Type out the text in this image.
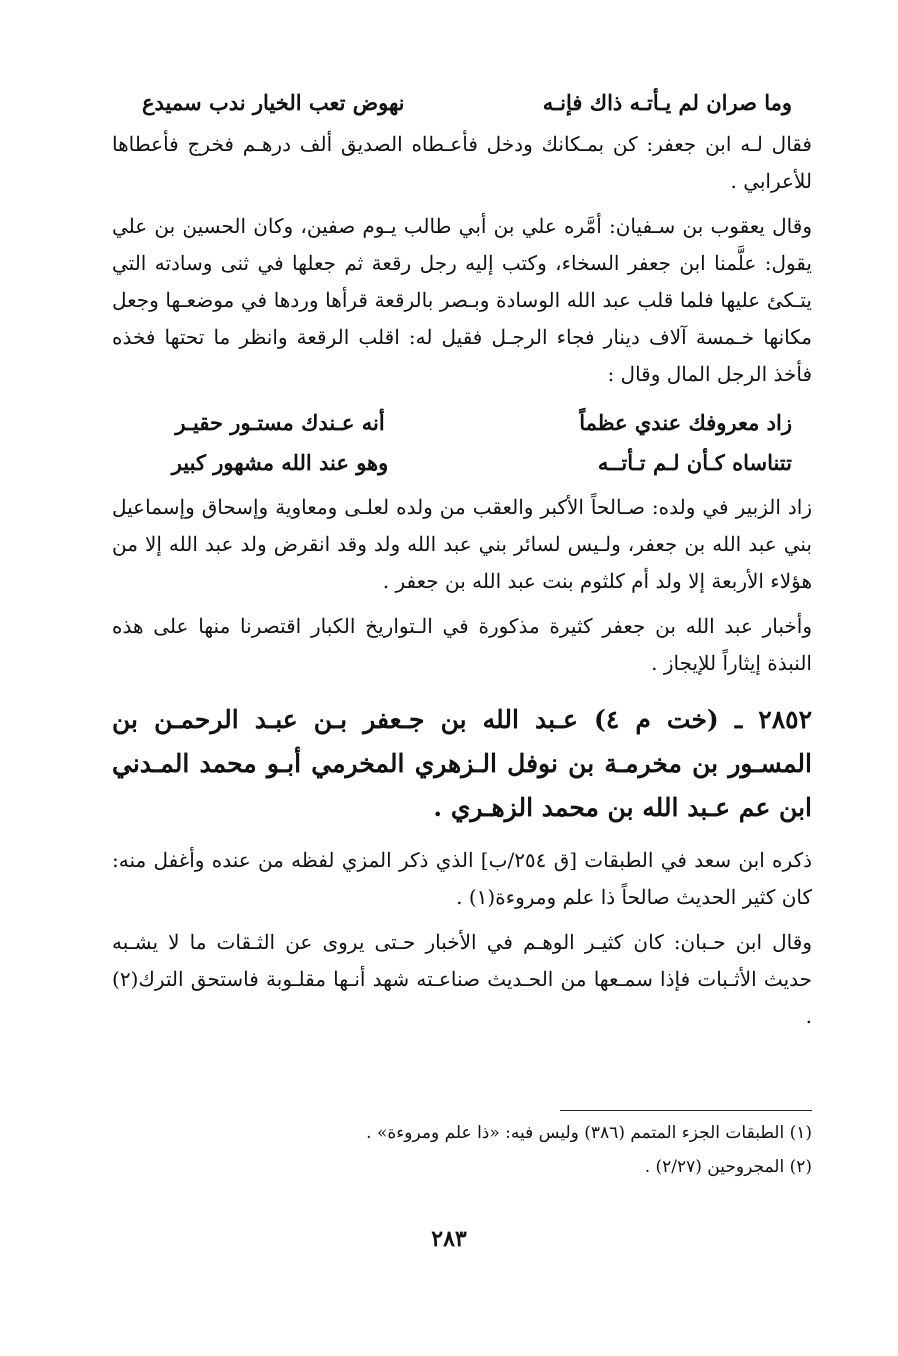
وما صران لم يـأتـه ذاك فإنـه
نهوض تعب الخيار ندب سميدع

فقال لـه ابن جعفر: كن بمـكانك ودخل فأعـطاه الصديق ألف درهـم فخرج فأعطاها للأعرابي .

وقال يعقوب بن سـفيان: أمَّره علي بن أبي طالب يـوم صفين، وكان الحسين بن علي يقول: علَّمنا ابن جعفر السخاء، وكتب إليه رجل رقعة ثم جعلها في ثنى وسادته التي يتـكئ عليها فلما قلب عبد الله الوسادة وبـصر بالرقعة قرأها وردها في موضعـها وجعل مكانها خـمسة آلاف دينار فجاء الرجـل فقيل له: اقلب الرقعة وانظر ما تحتها فخذه فأخذ الرجل المال وقال :

زاد معروفك عندي عظماً
أنه عـندك مستـور حقيـر
تتناساه كـأن لـم تـأتــه
وهو عند الله مشهور كبير

زاد الزبير في ولده: صـالحاً الأكبر والعقب من ولده لعلـى ومعاوية وإسحاق وإسماعيل بني عبد الله بن جعفر، ولـيس لسائر بني عبد الله ولد وقد انقرض ولد عبد الله إلا من هؤلاء الأربعة إلا ولد أم كلثوم بنت عبد الله بن جعفر .

وأخبار عبد الله بن جعفر كثيرة مذكورة في الـتواريخ الكبار اقتصرنا منها على هذه النبذة إيثاراً للإيجاز .

٢٨٥٢ ـ (خت م ٤) عـبد الله بن جـعفر بـن عبـد الرحمـن بن المسـور بن مخرمـة بن نوفل الـزهري المخرمي أبـو محمد المـدني ابن عم عـبد الله بن محمد الزهـري .

ذكره ابن سعد في الطبقات [ق ٢٥٤/ب] الذي ذكر المزي لفظه من عنده وأغفل منه: كان كثير الحديث صالحاً ذا علم ومروءة(١) .

وقال ابن حـبان: كان كثيـر الوهـم في الأخبار حـتى يروى عن الثـقات ما لا يشـبه حديث الأثـبات فإذا سمـعها من الحـديث صناعـته شهد أنـها مقلـوبة فاستحق الترك(٢) .

(١) الطبقات الجزء المتمم (٣٨٦) وليس فيه: «ذا علم ومروءة» .
(٢) المجروحين (٢/٢٧) .
٢٨٣
